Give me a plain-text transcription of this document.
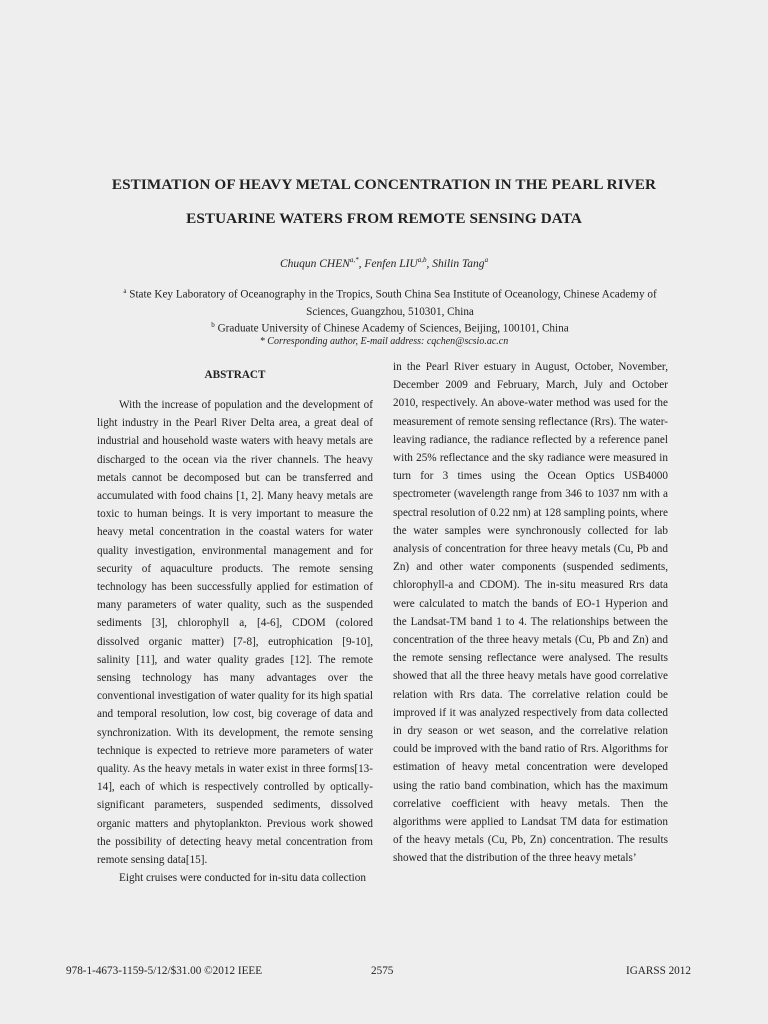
ESTIMATION OF HEAVY METAL CONCENTRATION IN THE PEARL RIVER
ESTUARINE WATERS FROM REMOTE SENSING DATA
Chuqun $CHEN^{a,*}$, Fenfen LIU$^{a,b}$, Shilin Tang$^a$
$^a$ State Key Laboratory of Oceanography in the Tropics, South China Sea Institute of Oceanology, Chinese Academy of Sciences, Guangzhou, 510301, China
$^b$ Graduate University of Chinese Academy of Sciences, Beijing, 100101, China
* Corresponding author, E-mail address: cqchen@scsio.ac.cn
ABSTRACT

With the increase of population and the development of light industry in the Pearl River Delta area, a great deal of industrial and household waste waters with heavy metals are discharged to the ocean via the river channels. The heavy metals cannot be decomposed but can be transferred and accumulated with food chains [1, 2]. Many heavy metals are toxic to human beings. It is very important to measure the heavy metal concentration in the coastal waters for water quality investigation, environmental management and for security of aquaculture products. The remote sensing technology has been successfully applied for estimation of many parameters of water quality, such as the suspended sediments [3], chlorophyll a, [4-6], CDOM (colored dissolved organic matter) [7-8], eutrophication [9-10], salinity [11], and water quality grades [12]. The remote sensing technology has many advantages over the conventional investigation of water quality for its high spatial and temporal resolution, low cost, big coverage of data and synchronization. With its development, the remote sensing technique is expected to retrieve more parameters of water quality. As the heavy metals in water exist in three forms[13-14], each of which is respectively controlled by optically-significant parameters, suspended sediments, dissolved organic matters and phytoplankton. Previous work showed the possibility of detecting heavy metal concentration from remote sensing data[15].

Eight cruises were conducted for in-situ data collection

in the Pearl River estuary in August, October, November, December 2009 and February, March, July and October 2010, respectively. An above-water method was used for the measurement of remote sensing reflectance (Rrs). The water-leaving radiance, the radiance reflected by a reference panel with 25% reflectance and the sky radiance were measured in turn for 3 times using the Ocean Optics USB4000 spectrometer (wavelength range from 346 to 1037 nm with a spectral resolution of 0.22 nm) at 128 sampling points, where the water samples were synchronously collected for lab analysis of concentration for three heavy metals (Cu, Pb and Zn) and other water components (suspended sediments, chlorophyll-a and CDOM). The in-situ measured Rrs data were calculated to match the bands of EO-1 Hyperion and the Landsat-TM band 1 to 4. The relationships between the concentration of the three heavy metals (Cu, Pb and Zn) and the remote sensing reflectance were analysed. The results showed that all the three heavy metals have good correlative relation with Rrs data. The correlative relation could be improved if it was analyzed respectively from data collected in dry season or wet season, and the correlative relation could be improved with the band ratio of Rrs. Algorithms for estimation of heavy metal concentration were developed using the ratio band combination, which has the maximum correlative coefficient with heavy metals. Then the algorithms were applied to Landsat TM data for estimation of the heavy metals (Cu, Pb, Zn) concentration. The results showed that the distribution of the three heavy metals’

978-1-4673-1159-5/12/$31.00 ©2012 IEEE	2575	IGARSS 2012
